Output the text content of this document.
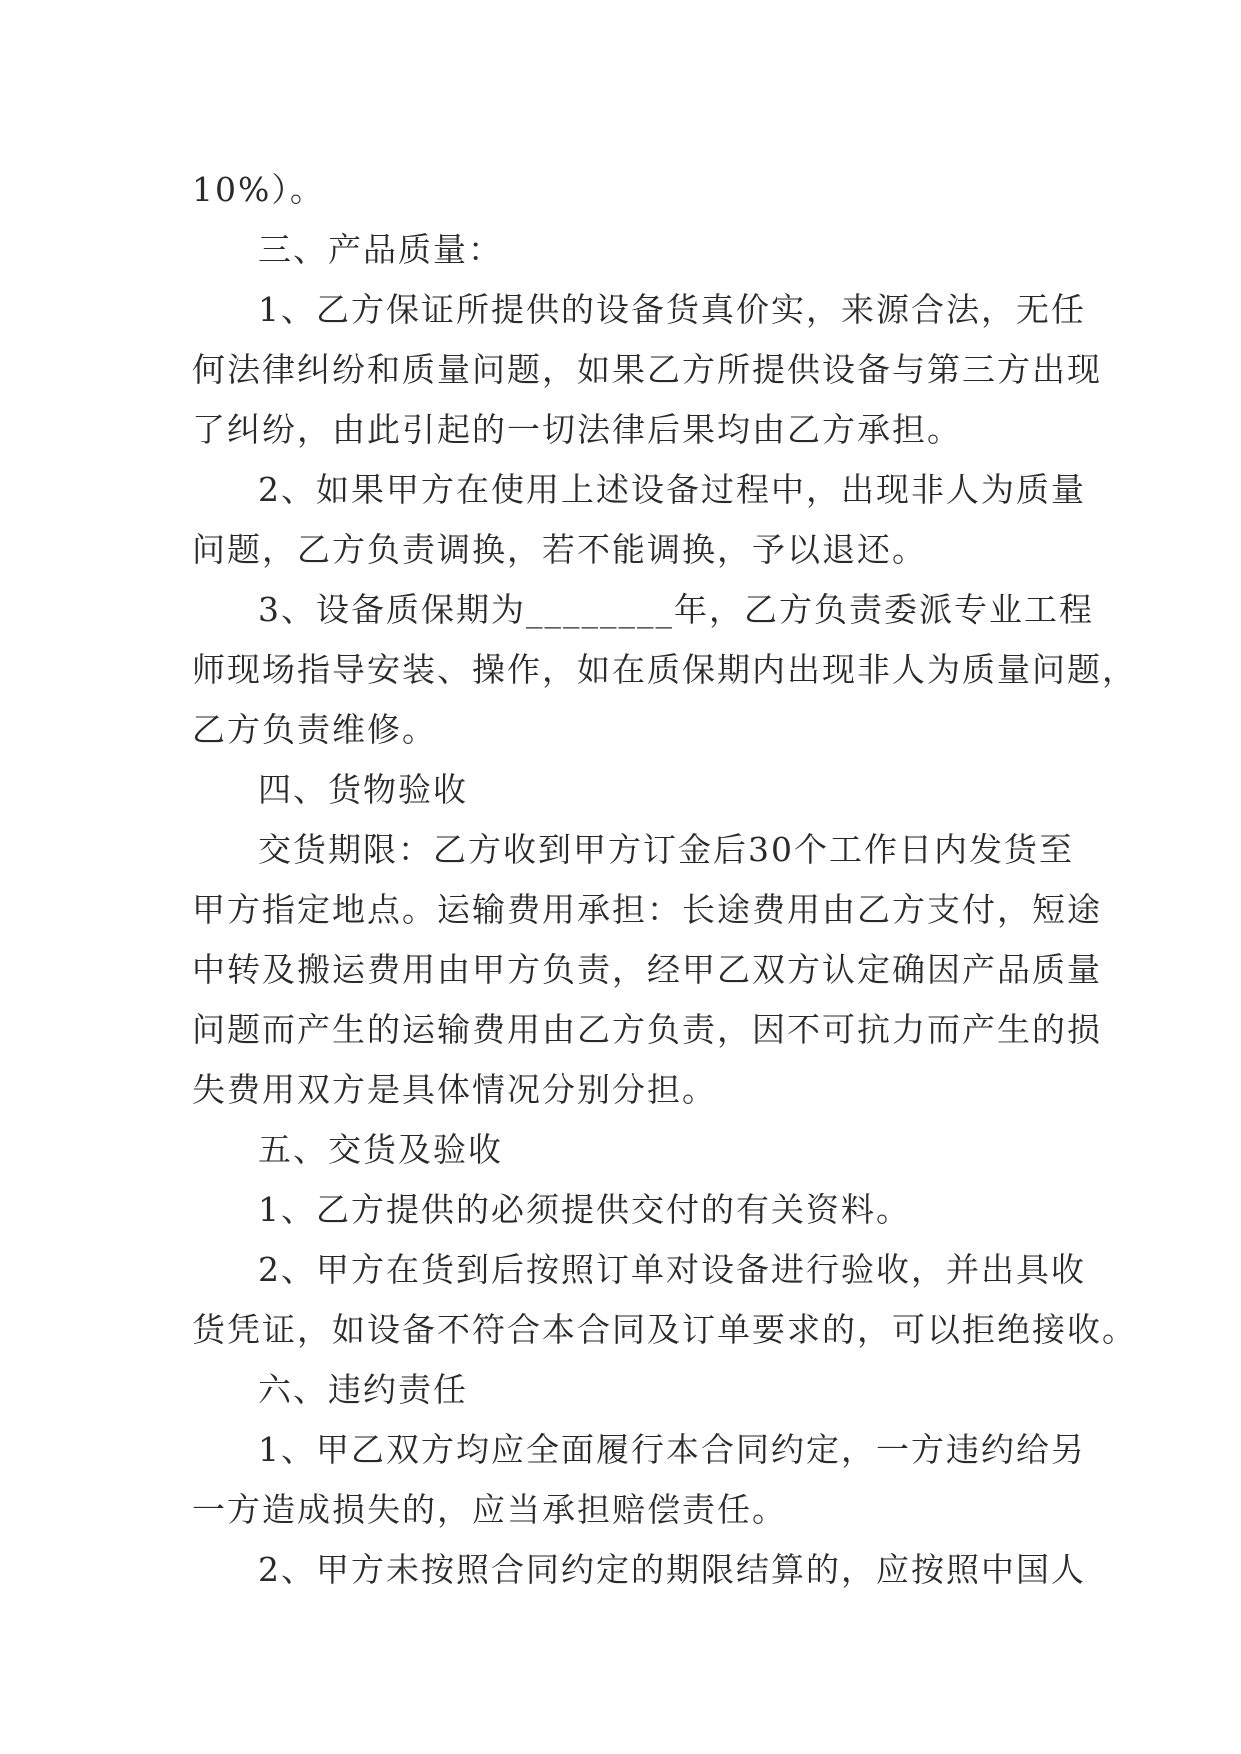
10%）。
三、产品质量：
1、乙方保证所提供的设备货真价实，来源合法，无任
何法律纠纷和质量问题，如果乙方所提供设备与第三方出现
了纠纷，由此引起的一切法律后果均由乙方承担。
2、如果甲方在使用上述设备过程中，出现非人为质量
问题，乙方负责调换，若不能调换，予以退还。
3、设备质保期为________年，乙方负责委派专业工程
师现场指导安装、操作，如在质保期内出现非人为质量问题，
乙方负责维修。
四、货物验收
交货期限：乙方收到甲方订金后30个工作日内发货至
甲方指定地点。运输费用承担：长途费用由乙方支付，短途
中转及搬运费用由甲方负责，经甲乙双方认定确因产品质量
问题而产生的运输费用由乙方负责，因不可抗力而产生的损
失费用双方是具体情况分别分担。
五、交货及验收
1、乙方提供的必须提供交付的有关资料。
2、甲方在货到后按照订单对设备进行验收，并出具收
货凭证，如设备不符合本合同及订单要求的，可以拒绝接收。
六、违约责任
1、甲乙双方均应全面履行本合同约定，一方违约给另
一方造成损失的，应当承担赔偿责任。
2、甲方未按照合同约定的期限结算的，应按照中国人
